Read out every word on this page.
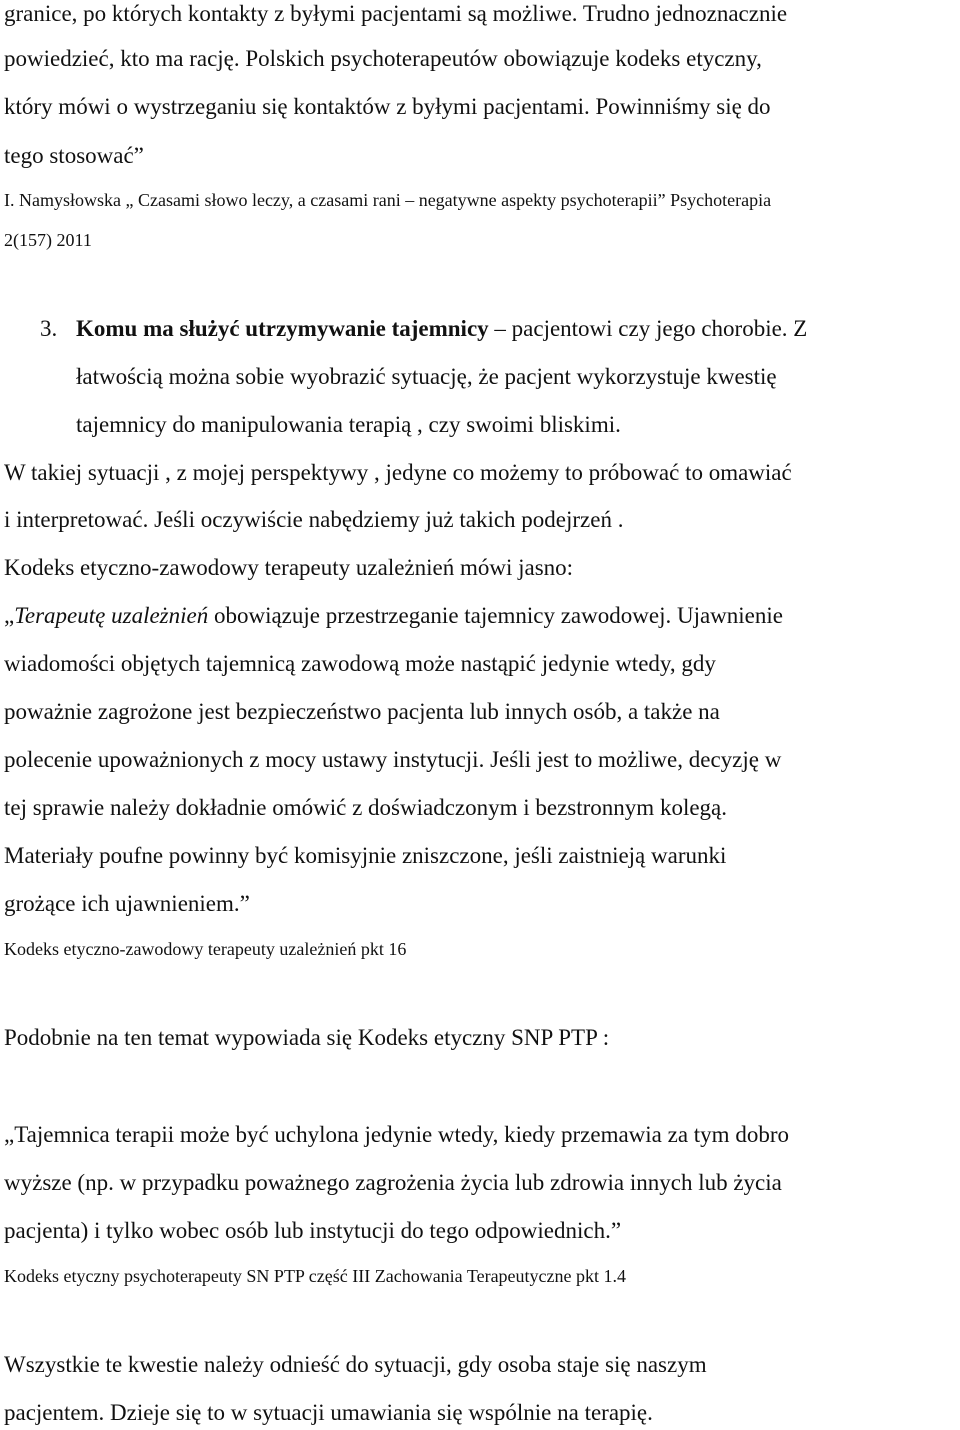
granice, po których kontakty z byłymi pacjentami są możliwe. Trudno jednoznacznie
powiedzieć, kto ma rację. Polskich psychoterapeutów obowiązuje kodeks etyczny,
który mówi o wystrzeganiu się kontaktów z byłymi pacjentami. Powinniśmy się do
tego stosować”
I. Namysłowska „ Czasami słowo leczy, a czasami rani – negatywne aspekty psychoterapii” Psychoterapia
2(157) 2011
3. Komu ma służyć utrzymywanie tajemnicy – pacjentowi czy jego chorobie. Z
łatwością można sobie wyobrazić sytuację, że pacjent wykorzystuje kwestię
tajemnicy do manipulowania terapią , czy swoimi bliskimi.
W takiej sytuacji , z mojej perspektywy , jedyne co możemy to próbować to omawiać
i interpretować. Jeśli oczywiście nabędziemy już takich podejrzeń .
Kodeks etyczno-zawodowy terapeuty uzależnień mówi jasno:
„Terapeutę uzależnień obowiązuje przestrzeganie tajemnicy zawodowej. Ujawnienie
wiadomości objętych tajemnicą zawodową może nastąpić jedynie wtedy, gdy
poważnie zagrożone jest bezpieczeństwo pacjenta lub innych osób, a także na
polecenie upoważnionych z mocy ustawy instytucji. Jeśli jest to możliwe, decyzję w
tej sprawie należy dokładnie omówić z doświadczonym i bezstronnym kolegą.
Materiały poufne powinny być komisyjnie zniszczone, jeśli zaistnieją warunki
grożące ich ujawnieniem.”
Kodeks etyczno-zawodowy terapeuty uzależnień pkt 16
Podobnie na ten temat wypowiada się Kodeks etyczny SNP PTP :
„Tajemnica terapii może być uchylona jedynie wtedy, kiedy przemawia za tym dobro
wyższe (np. w przypadku poważnego zagrożenia życia lub zdrowia innych lub życia
pacjenta) i tylko wobec osób lub instytucji do tego odpowiednich.”
Kodeks etyczny psychoterapeuty SN PTP część III Zachowania Terapeutyczne pkt 1.4
Wszystkie te kwestie należy odnieść do sytuacji, gdy osoba staje się naszym
pacjentem. Dzieje się to w sytuacji umawiania się wspólnie na terapię.
